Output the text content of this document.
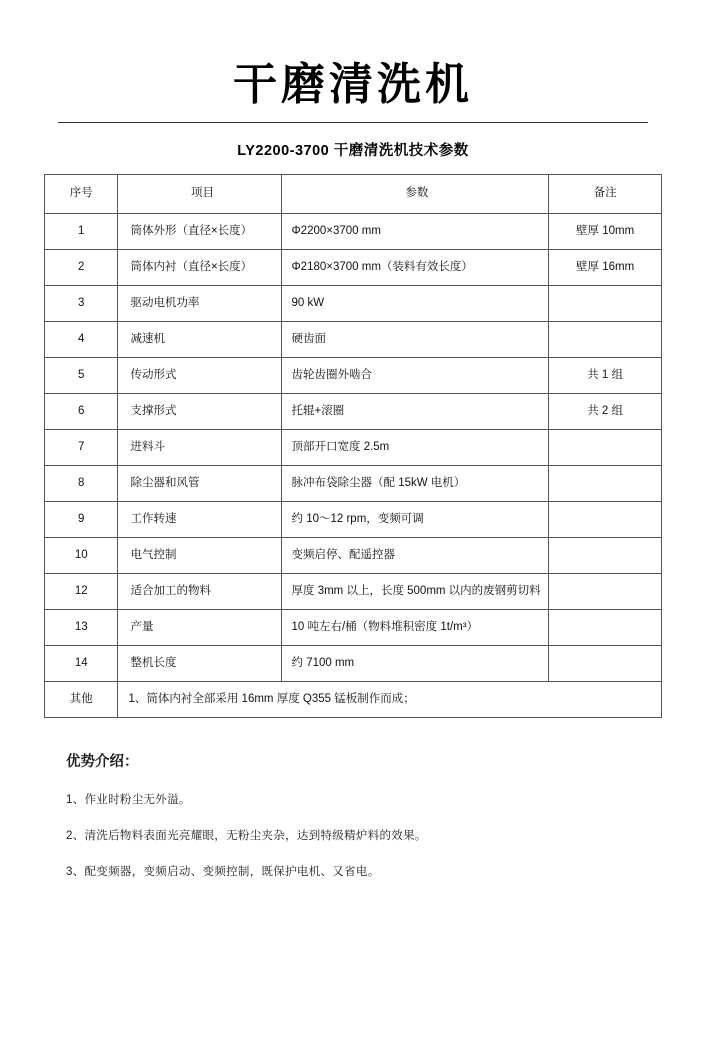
干磨清洗机
LY2200-3700 干磨清洗机技术参数
序号	项目	参数	备注
1	筒体外形（直径×长度）	Φ2200×3700 mm	壁厚 10mm
2	筒体内衬（直径×长度）	Φ2180×3700 mm（装料有效长度）	壁厚 16mm
3	驱动电机功率	90 kW	
4	减速机	硬齿面	
5	传动形式	齿轮齿圈外啮合	共 1 组
6	支撑形式	托辊+滚圈	共 2 组
7	进料斗	顶部开口宽度 2.5m	
8	除尘器和风管	脉冲布袋除尘器（配 15kW 电机）	
9	工作转速	约 10～12 rpm，变频可调	
10	电气控制	变频启停、配遥控器	
12	适合加工的物料	厚度 3mm 以上，长度 500mm 以内的废钢剪切料	
13	产量	10 吨左右/桶（物料堆积密度 1t/m³）	
14	整机长度	约 7100 mm	
其他	1、筒体内衬全部采用 16mm 厚度 Q355 锰板制作而成；		
优势介绍：
1、作业时粉尘无外溢。
2、清洗后物料表面光亮耀眼，无粉尘夹杂，达到特级精炉料的效果。
3、配变频器，变频启动、变频控制，既保护电机、又省电。
